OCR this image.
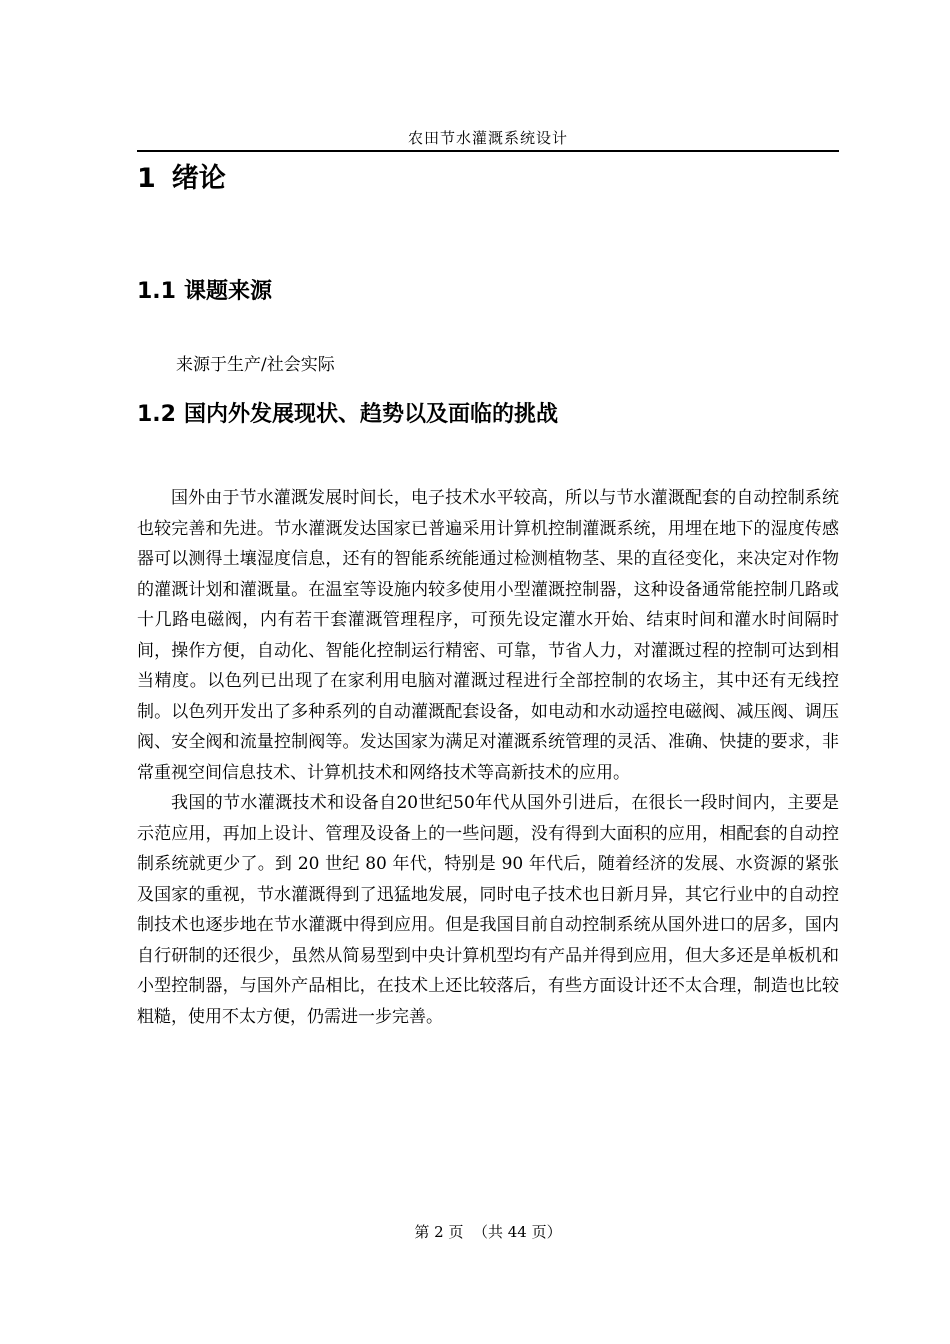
农田节水灌溉系统设计
1 绪论
1.1 课题来源

来源于生产/社会实际

1.2 国内外发展现状、趋势以及面临的挑战

国外由于节水灌溉发展时间长，电子技术水平较高，所以与节水灌溉配套的自动控制系统也较完善和先进。节水灌溉发达国家已普遍采用计算机控制灌溉系统，用埋在地下的湿度传感器可以测得土壤湿度信息，还有的智能系统能通过检测植物茎、果的直径变化，来决定对作物的灌溉计划和灌溉量。在温室等设施内较多使用小型灌溉控制器，这种设备通常能控制几路或十几路电磁阀，内有若干套灌溉管理程序，可预先设定灌水开始、结束时间和灌水时间隔时间，操作方便，自动化、智能化控制运行精密、可靠，节省人力，对灌溉过程的控制可达到相当精度。以色列已出现了在家利用电脑对灌溉过程进行全部控制的农场主，其中还有无线控制。以色列开发出了多种系列的自动灌溉配套设备，如电动和水动遥控电磁阀、减压阀、调压阀、安全阀和流量控制阀等。发达国家为满足对灌溉系统管理的灵活、准确、快捷的要求，非常重视空间信息技术、计算机技术和网络技术等高新技术的应用。

我国的节水灌溉技术和设备自20世纪50年代从国外引进后，在很长一段时间内，主要是示范应用，再加上设计、管理及设备上的一些问题，没有得到大面积的应用，相配套的自动控制系统就更少了。到 20 世纪 80 年代，特别是 90 年代后，随着经济的发展、水资源的紧张及国家的重视，节水灌溉得到了迅猛地发展，同时电子技术也日新月异，其它行业中的自动控制技术也逐步地在节水灌溉中得到应用。但是我国目前自动控制系统从国外进口的居多，国内自行研制的还很少，虽然从简易型到中央计算机型均有产品并得到应用，但大多还是单板机和小型控制器，与国外产品相比，在技术上还比较落后，有些方面设计还不太合理，制造也比较粗糙，使用不太方便，仍需进一步完善。

第 2 页  （共 44 页）
